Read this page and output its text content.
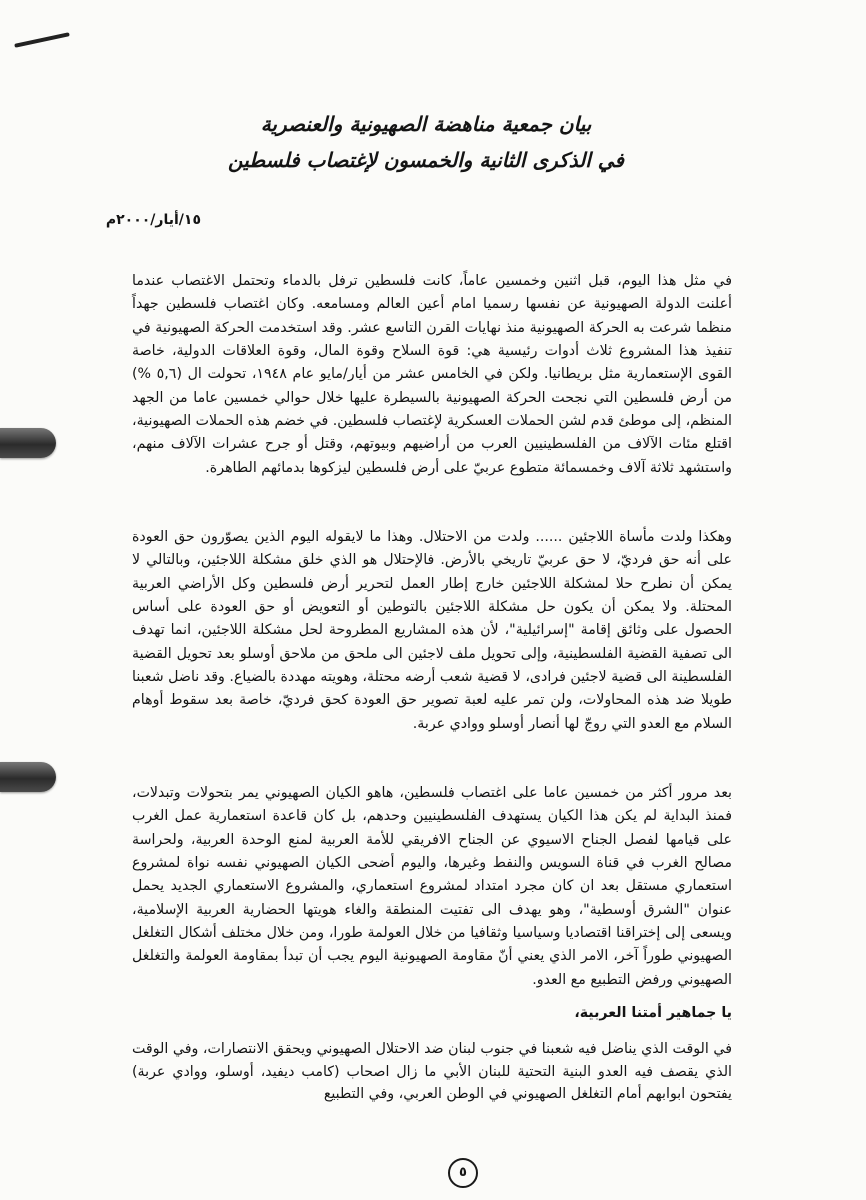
بيان جمعية مناهضة الصهيونية والعنصرية
في الذكرى الثانية والخمسون لإغتصاب فلسطين
١٥/أيار/٢٠٠٠م

في مثل هذا اليوم، قبل اثنين وخمسين عاماً، كانت فلسطين ترفل بالدماء وتحتمل الاغتصاب عندما أعلنت الدولة الصهيونية عن نفسها رسميا امام أعين العالم ومسامعه. وكان اغتصاب فلسطين جهداً منظما شرعت به الحركة الصهيونية منذ نهايات القرن التاسع عشر. وقد استخدمت الحركة الصهيونية في تنفيذ هذا المشروع ثلاث أدوات رئيسية هي: قوة السلاح وقوة المال، وقوة العلاقات الدولية، خاصة القوى الإستعمارية مثل بريطانيا. ولكن في الخامس عشر من أيار/مايو عام ١٩٤٨، تحولت ال (٥,٦ %) من أرض فلسطين التي نجحت الحركة الصهيونية بالسيطرة عليها خلال حوالي خمسين عاما من الجهد المنظم، إلى موطئ قدم لشن الحملات العسكرية لإغتصاب فلسطين. في خضم هذه الحملات الصهيونية، اقتلع مئات الآلاف من الفلسطينيين العرب من أراضيهم وبيوتهم، وقتل أو جرح عشرات الآلاف منهم، واستشهد ثلاثة آلاف وخمسمائة متطوع عربيّ على أرض فلسطين ليزكوها بدمائهم الطاهرة.

وهكذا ولدت مأساة اللاجئين ...... ولدت من الاحتلال. وهذا ما لايقوله اليوم الذين يصوّرون حق العودة على أنه حق فرديّ، لا حق عربيّ تاريخي بالأرض. فالإحتلال هو الذي خلق مشكلة اللاجئين، وبالتالي لا يمكن أن نطرح حلا لمشكلة اللاجئين خارج إطار العمل لتحرير أرض فلسطين وكل الأراضي العربية المحتلة. ولا يمكن أن يكون حل مشكلة اللاجئين بالتوطين أو التعويض أو حق العودة على أساس الحصول على وثائق إقامة "إسرائيلية"، لأن هذه المشاريع المطروحة لحل مشكلة اللاجئين، انما تهدف الى تصفية القضية الفلسطينية، وإلى تحويل ملف لاجئين الى ملحق من ملاحق أوسلو بعد تحويل القضية الفلسطينة الى قضية لاجئين فرادى، لا قضية شعب أرضه محتلة، وهويته مهددة بالضياع. وقد ناضل شعبنا طويلا ضد هذه المحاولات، ولن تمر عليه لعبة تصوير حق العودة كحق فرديّ، خاصة بعد سقوط أوهام السلام مع العدو التي روجّ لها أنصار أوسلو ووادي عربة.

بعد مرور أكثر من خمسين عاما على اغتصاب فلسطين، هاهو الكيان الصهيوني يمر بتحولات وتبدلات، فمنذ البداية لم يكن هذا الكيان يستهدف الفلسطينيين وحدهم، بل كان قاعدة استعمارية عمل الغرب على قيامها لفصل الجناح الاسيوي عن الجناح الافريقي للأمة العربية لمنع الوحدة العربية، ولحراسة مصالح الغرب في قناة السويس والنفط وغيرها، واليوم أضحى الكيان الصهيوني نفسه نواة لمشروع استعماري مستقل بعد ان كان مجرد امتداد لمشروع استعماري، والمشروع الاستعماري الجديد يحمل عنوان "الشرق أوسطية"، وهو يهدف الى تفتيت المنطقة والغاء هويتها الحضارية العربية الإسلامية، ويسعى إلى إختراقنا اقتصاديا وسياسيا وثقافيا من خلال العولمة طورا، ومن خلال مختلف أشكال التغلغل الصهيوني طوراً آخر، الامر الذي يعني أنّ مقاومة الصهيونية اليوم يجب أن تبدأ بمقاومة العولمة والتغلغل الصهيوني ورفض التطبيع مع العدو.

يا جماهير أمتنا العربية،

في الوقت الذي يناضل فيه شعبنا في جنوب لبنان ضد الاحتلال الصهيوني ويحقق الانتصارات، وفي الوقت الذي يقصف فيه العدو البنية التحتية للبنان الأبي ما زال اصحاب (كامب ديفيد، أوسلو، ووادي عربة) يفتحون ابوابهم أمام التغلغل الصهيوني في الوطن العربي، وفي التطبيع

٥
